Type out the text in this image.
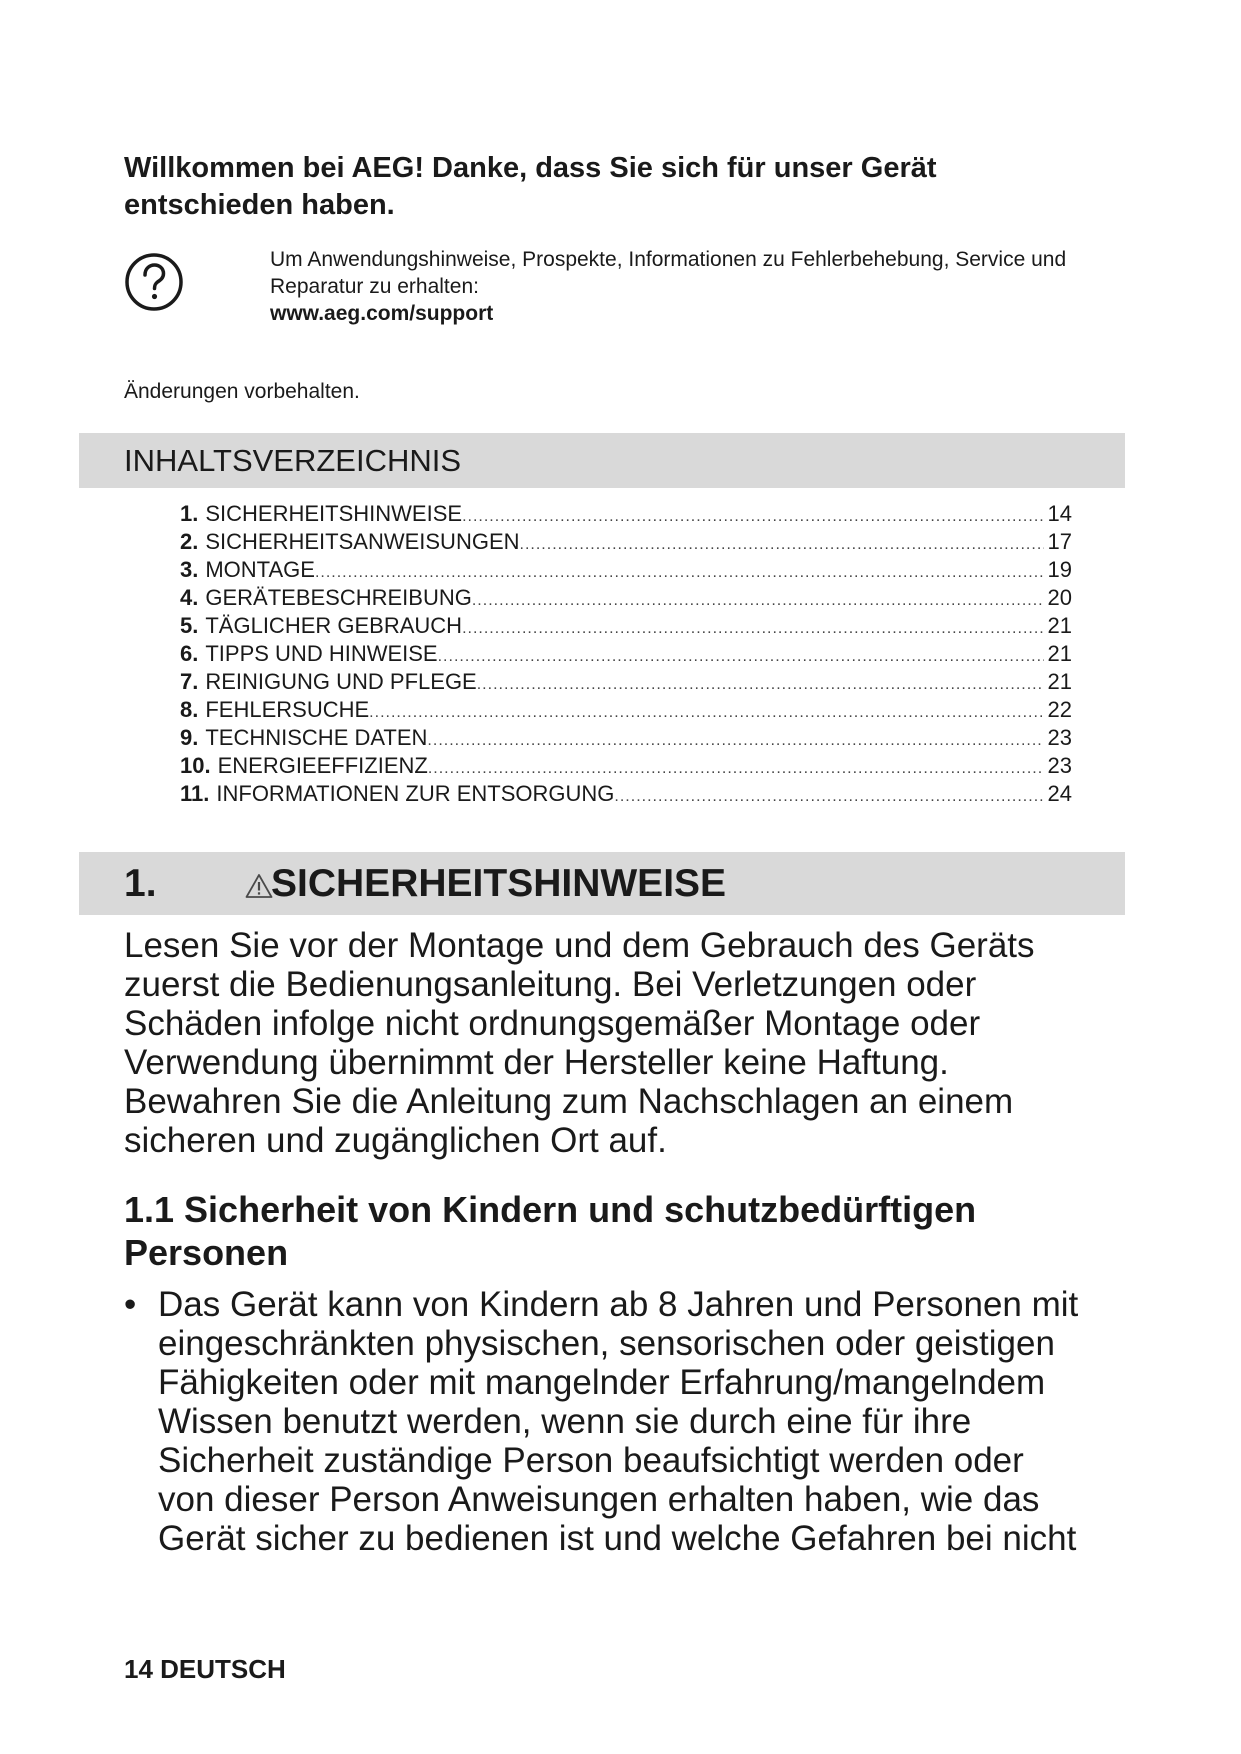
Willkommen bei AEG! Danke, dass Sie sich für unser Gerät
entschieden haben.
Um Anwendungshinweise, Prospekte, Informationen zu Fehlerbehebung, Service und
Reparatur zu erhalten:
www.aeg.com/support
Änderungen vorbehalten.
INHALTSVERZEICHNIS
1. SICHERHEITSHINWEISE .....	14
2. SICHERHEITSANWEISUNGEN .....	17
3. MONTAGE .....	19
4. GERÄTEBESCHREIBUNG .....	20
5. TÄGLICHER GEBRAUCH .....	21
6. TIPPS UND HINWEISE .....	21
7. REINIGUNG UND PFLEGE .....	21
8. FEHLERSUCHE .....	22
9. TECHNISCHE DATEN .....	23
10. ENERGIEEFFIZIENZ .....	23
11. INFORMATIONEN ZUR ENTSORGUNG .....	24
1.	SICHERHEITSHINWEISE

Lesen Sie vor der Montage und dem Gebrauch des Geräts
zuerst die Bedienungsanleitung. Bei Verletzungen oder
Schäden infolge nicht ordnungsgemäßer Montage oder
Verwendung übernimmt der Hersteller keine Haftung.
Bewahren Sie die Anleitung zum Nachschlagen an einem
sicheren und zugänglichen Ort auf.

1.1 Sicherheit von Kindern und schutzbedürftigen
Personen
• Das Gerät kann von Kindern ab 8 Jahren und Personen mit
eingeschränkten physischen, sensorischen oder geistigen
Fähigkeiten oder mit mangelnder Erfahrung/mangelndem
Wissen benutzt werden, wenn sie durch eine für ihre
Sicherheit zuständige Person beaufsichtigt werden oder
von dieser Person Anweisungen erhalten haben, wie das
Gerät sicher zu bedienen ist und welche Gefahren bei nicht
14 DEUTSCH
